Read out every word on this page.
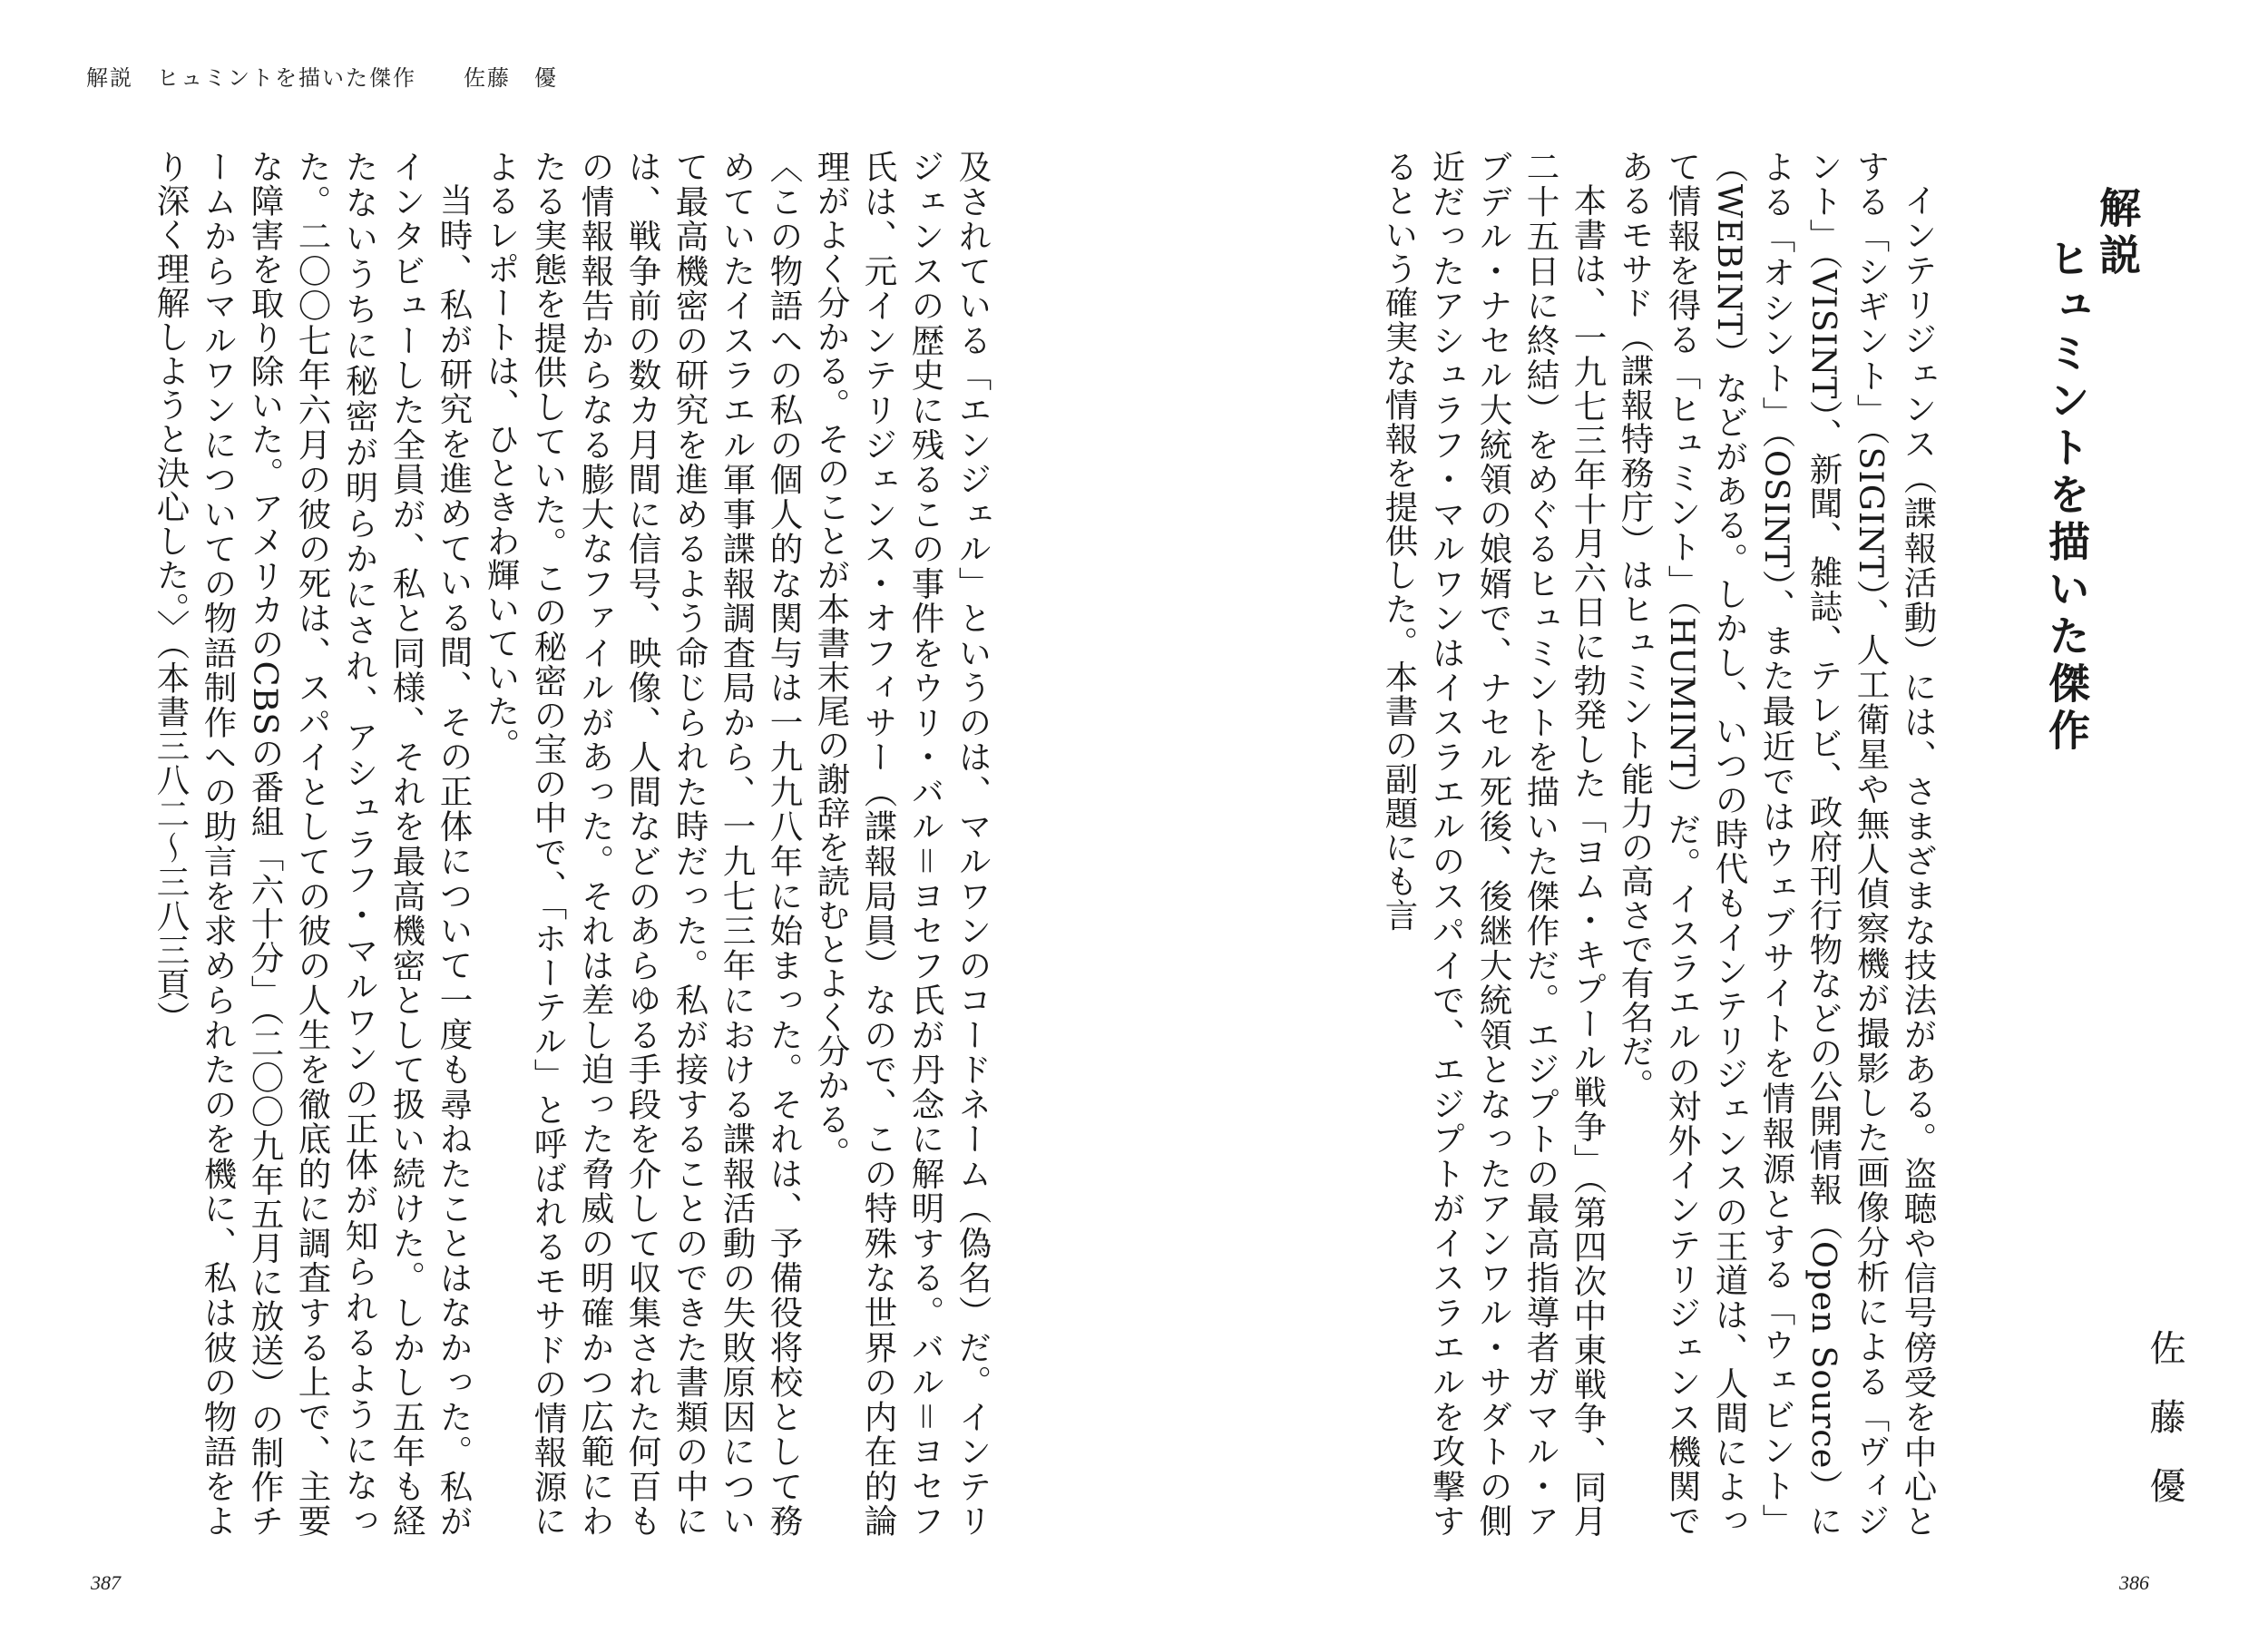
解説　ヒュミントを描いた傑作　　佐藤　優

及されている「エンジェル」というのは、マルワンのコードネーム（偽名）だ。インテリジェンスの歴史に残るこの事件をウリ・バル＝ヨセフ氏が丹念に解明する。バル＝ヨセフ氏は、元インテリジェンス・オフィサー（諜報局員）なので、この特殊な世界の内在的論理がよく分かる。そのことが本書末尾の謝辞を読むとよく分かる。

〈この物語への私の個人的な関与は一九九八年に始まった。それは、予備役将校として務めていたイスラエル軍事諜報調査局から、一九七三年における諜報活動の失敗原因について最高機密の研究を進めるよう命じられた時だった。私が接することのできた書類の中には、戦争前の数カ月間に信号、映像、人間などのあらゆる手段を介して収集された何百もの情報報告からなる膨大なファイルがあった。それは差し迫った脅威の明確かつ広範にわたる実態を提供していた。この秘密の宝の中で、「ホーテル」と呼ばれるモサドの情報源によるレポートは、ひときわ輝いていた。

当時、私が研究を進めている間、その正体について一度も尋ねたことはなかった。私がインタビューした全員が、私と同様、それを最高機密として扱い続けた。しかし五年も経たないうちに秘密が明らかにされ、アシュラフ・マルワンの正体が知られるようになった。二〇〇七年六月の彼の死は、スパイとしての彼の人生を徹底的に調査する上で、主要な障害を取り除いた。アメリカのCBSの番組「六十分」（二〇〇九年五月に放送）の制作チームからマルワンについての物語制作への助言を求められたのを機に、私は彼の物語をより深く理解しようと決心した。〉（本書三八二〜三八三頁）

387
解説
ヒュミントを描いた傑作
佐藤優

インテリジェンス（諜報活動）には、さまざまな技法がある。盗聴や信号傍受を中心とする「シギント」（SIGINT）、人工衛星や無人偵察機が撮影した画像分析による「ヴィジント」（VISINT）、新聞、雑誌、テレビ、政府刊行物などの公開情報（Open Source）による「オシント」（OSINT）、また最近ではウェブサイトを情報源とする「ウェビント」（WEBINT）などがある。しかし、いつの時代もインテリジェンスの王道は、人間によって情報を得る「ヒュミント」（HUMINT）だ。イスラエルの対外インテリジェンス機関であるモサド（諜報特務庁）はヒュミント能力の高さで有名だ。

本書は、一九七三年十月六日に勃発した「ヨム・キプール戦争」（第四次中東戦争、同月二十五日に終結）をめぐるヒュミントを描いた傑作だ。エジプトの最高指導者ガマル・アブデル・ナセル大統領の娘婿で、ナセル死後、後継大統領となったアンワル・サダトの側近だったアシュラフ・マルワンはイスラエルのスパイで、エジプトがイスラエルを攻撃するという確実な情報を提供した。本書の副題にも言

386
